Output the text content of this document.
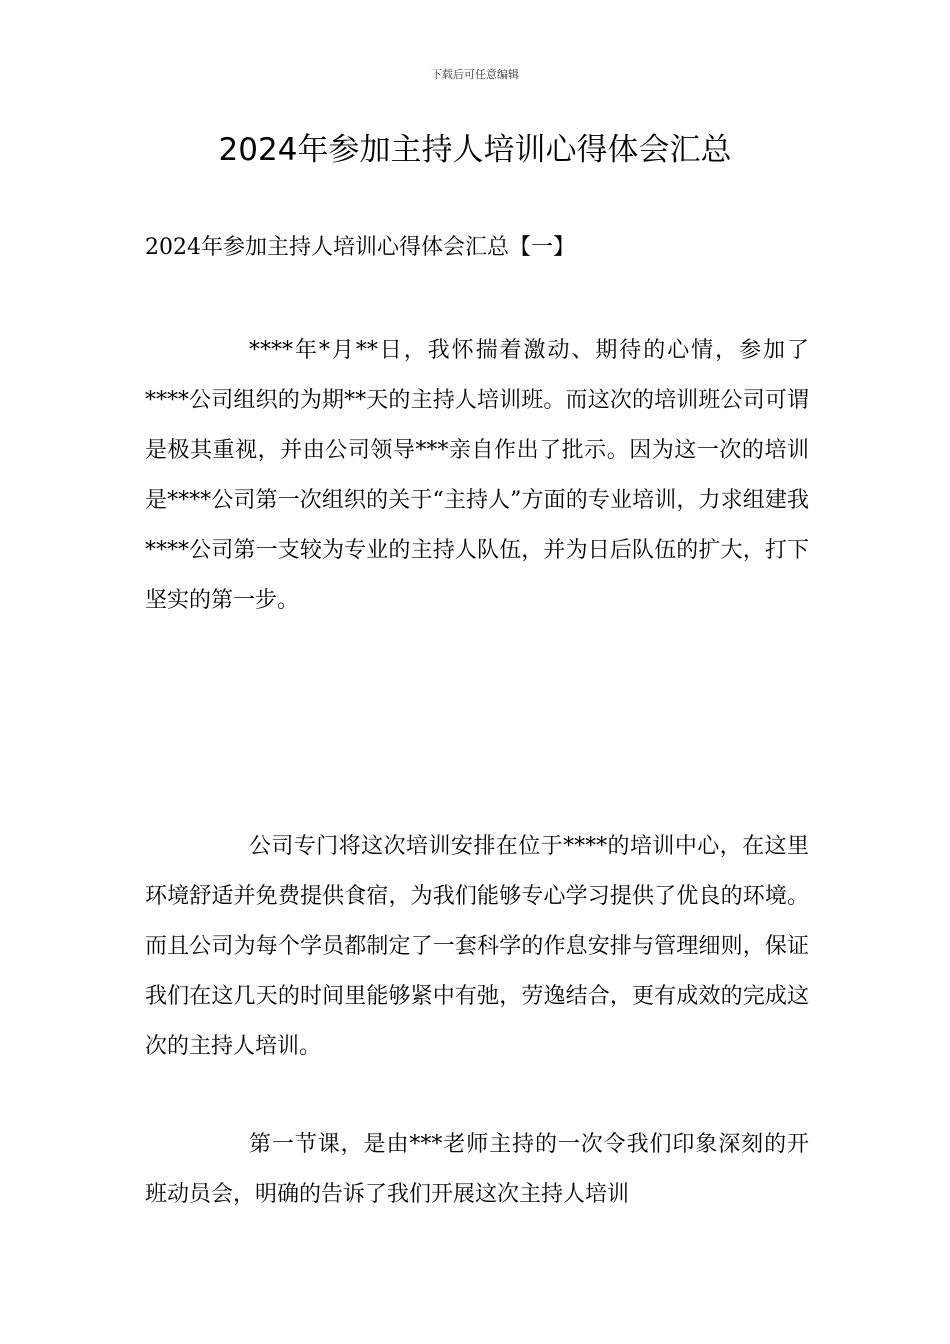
下载后可任意编辑
2024年参加主持人培训心得体会汇总
2024年参加主持人培训心得体会汇总【一】

****年*月**日，我怀揣着激动、期待的心情，参加了****公司组织的为期**天的主持人培训班。而这次的培训班公司可谓是极其重视，并由公司领导***亲自作出了批示。因为这一次的培训是****公司第一次组织的关于“主持人”方面的专业培训，力求组建我****公司第一支较为专业的主持人队伍，并为日后队伍的扩大，打下坚实的第一步。

公司专门将这次培训安排在位于****的培训中心，在这里环境舒适并免费提供食宿，为我们能够专心学习提供了优良的环境。而且公司为每个学员都制定了一套科学的作息安排与管理细则，保证我们在这几天的时间里能够紧中有弛，劳逸结合，更有成效的完成这次的主持人培训。

第一节课，是由***老师主持的一次令我们印象深刻的开班动员会，明确的告诉了我们开展这次主持人培训
